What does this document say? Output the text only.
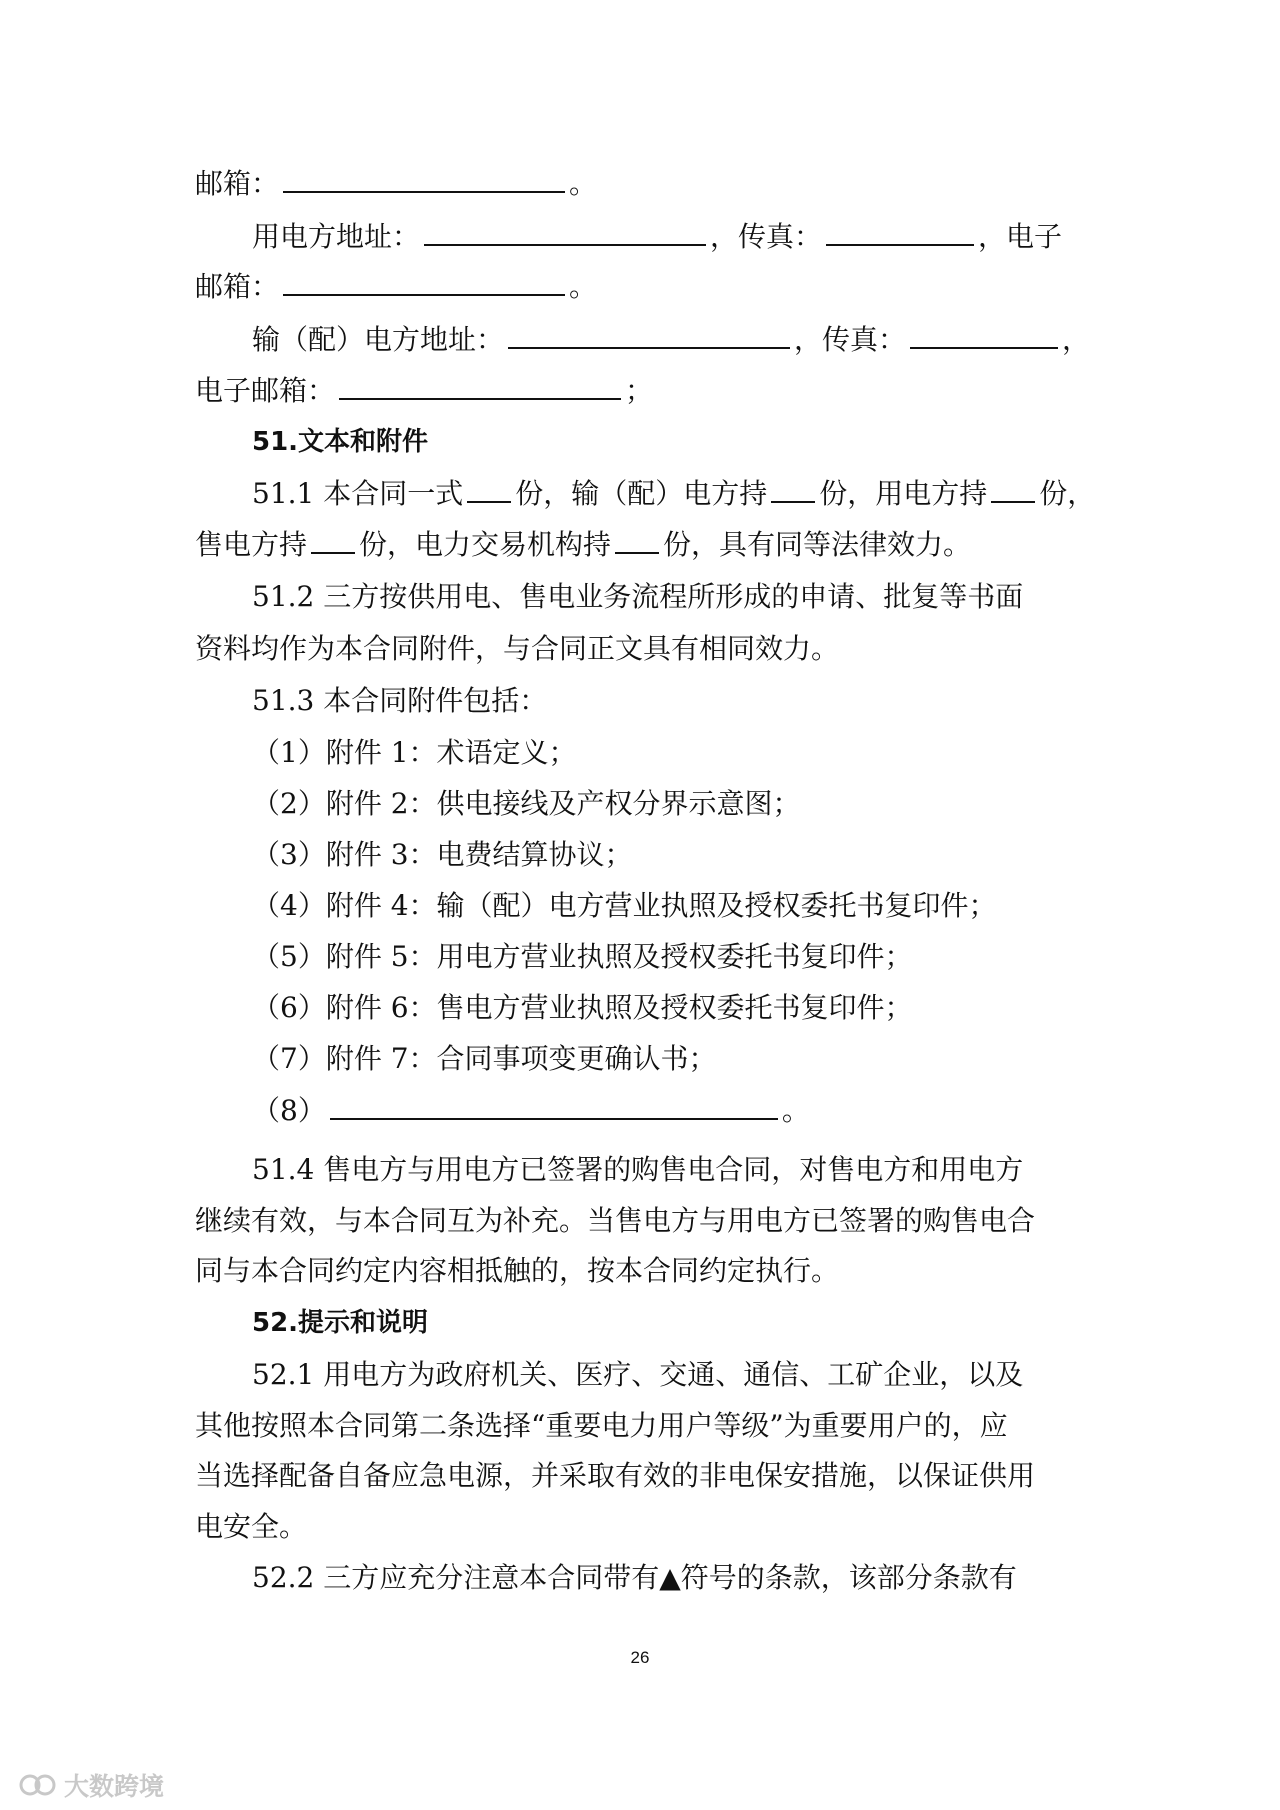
邮箱：	。
用电方地址：	，传真：	，电子
邮箱：	。
输（配）电方地址：	，传真：	，
电子邮箱：	；
51.文本和附件
51.1 本合同一式 份，输（配）电方持 份，用电方持 份，
售电方持 份，电力交易机构持 份，具有同等法律效力。
51.2 三方按供用电、售电业务流程所形成的申请、批复等书面
资料均作为本合同附件，与合同正文具有相同效力。
51.3 本合同附件包括：
（1）附件 1：术语定义；
（2）附件 2：供电接线及产权分界示意图；
（3）附件 3：电费结算协议；
（4）附件 4：输（配）电方营业执照及授权委托书复印件；
（5）附件 5：用电方营业执照及授权委托书复印件；
（6）附件 6：售电方营业执照及授权委托书复印件；
（7）附件 7：合同事项变更确认书；
（8）	。
51.4 售电方与用电方已签署的购售电合同，对售电方和用电方
继续有效，与本合同互为补充。当售电方与用电方已签署的购售电合
同与本合同约定内容相抵触的，按本合同约定执行。
52.提示和说明
52.1 用电方为政府机关、医疗、交通、通信、工矿企业，以及
其他按照本合同第二条选择“重要电力用户等级”为重要用户的，应
当选择配备自备应急电源，并采取有效的非电保安措施，以保证供用
电安全。
52.2 三方应充分注意本合同带有▲符号的条款，该部分条款有
26
大数跨境
